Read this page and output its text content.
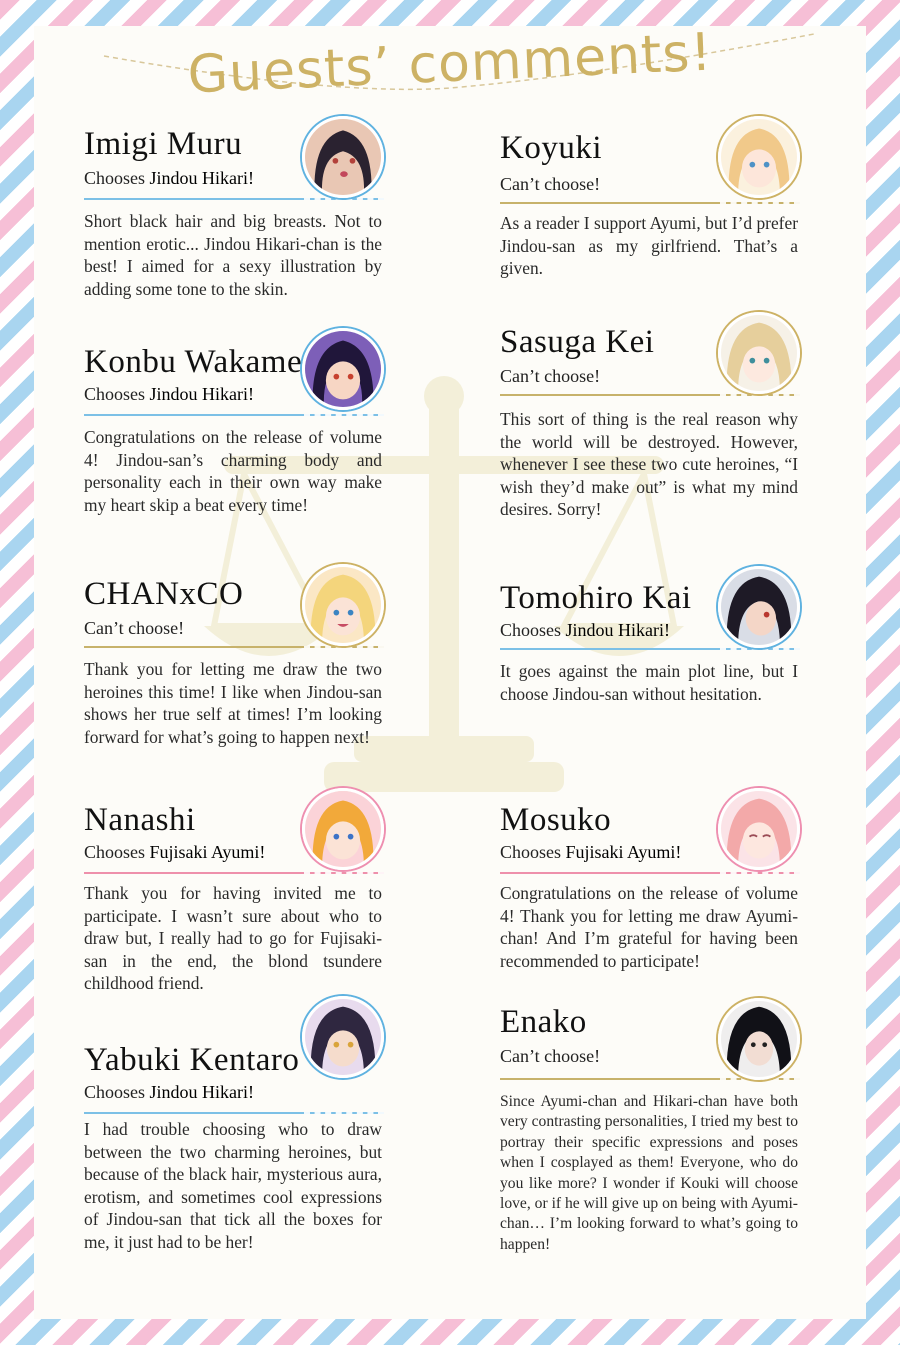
Guests’ comments!
Imigi Muru
Chooses Jindou Hikari!

Short black hair and big breasts. Not to mention erotic... Jindou Hikari-chan is the best! I aimed for a sexy illustration by adding some tone to the skin.

Konbu Wakame
Chooses Jindou Hikari!

Congratulations on the release of volume 4! Jindou-san’s charming body and personality each in their own way make my heart skip a beat every time!

CHANxCO
Can’t choose!

Thank you for letting me draw the two heroines this time! I like when Jindou-san shows her true self at times! I’m looking forward for what’s going to happen next!

Nanashi
Chooses Fujisaki Ayumi!

Thank you for having invited me to participate. I wasn’t sure about who to draw but, I really had to go for Fujisaki-san in the end, the blond tsundere childhood friend.

Yabuki Kentaro
Chooses Jindou Hikari!

I had trouble choosing who to draw between the two charming heroines, but because of the black hair, mysterious aura, erotism, and sometimes cool expressions of Jindou-san that tick all the boxes for me, it just had to be her!

Koyuki
Can’t choose!

As a reader I support Ayumi, but I’d prefer Jindou-san as my girlfriend. That’s a given.

Sasuga Kei
Can’t choose!

This sort of thing is the real reason why the world will be destroyed. However, whenever I see these two cute heroines, “I wish they’d make out” is what my mind desires. Sorry!

Tomohiro Kai
Chooses Jindou Hikari!

It goes against the main plot line, but I choose Jindou-san without hesitation.

Mosuko
Chooses Fujisaki Ayumi!

Congratulations on the release of volume 4! Thank you for letting me draw Ayumi-chan! And I’m grateful for having been recommended to participate!

Enako
Can’t choose!

Since Ayumi-chan and Hikari-chan have both very contrasting personalities, I tried my best to portray their specific expressions and poses when I cosplayed as them! Everyone, who do you like more? I wonder if Kouki will choose love, or if he will give up on being with Ayumi-chan… I’m looking forward to what’s going to happen!
